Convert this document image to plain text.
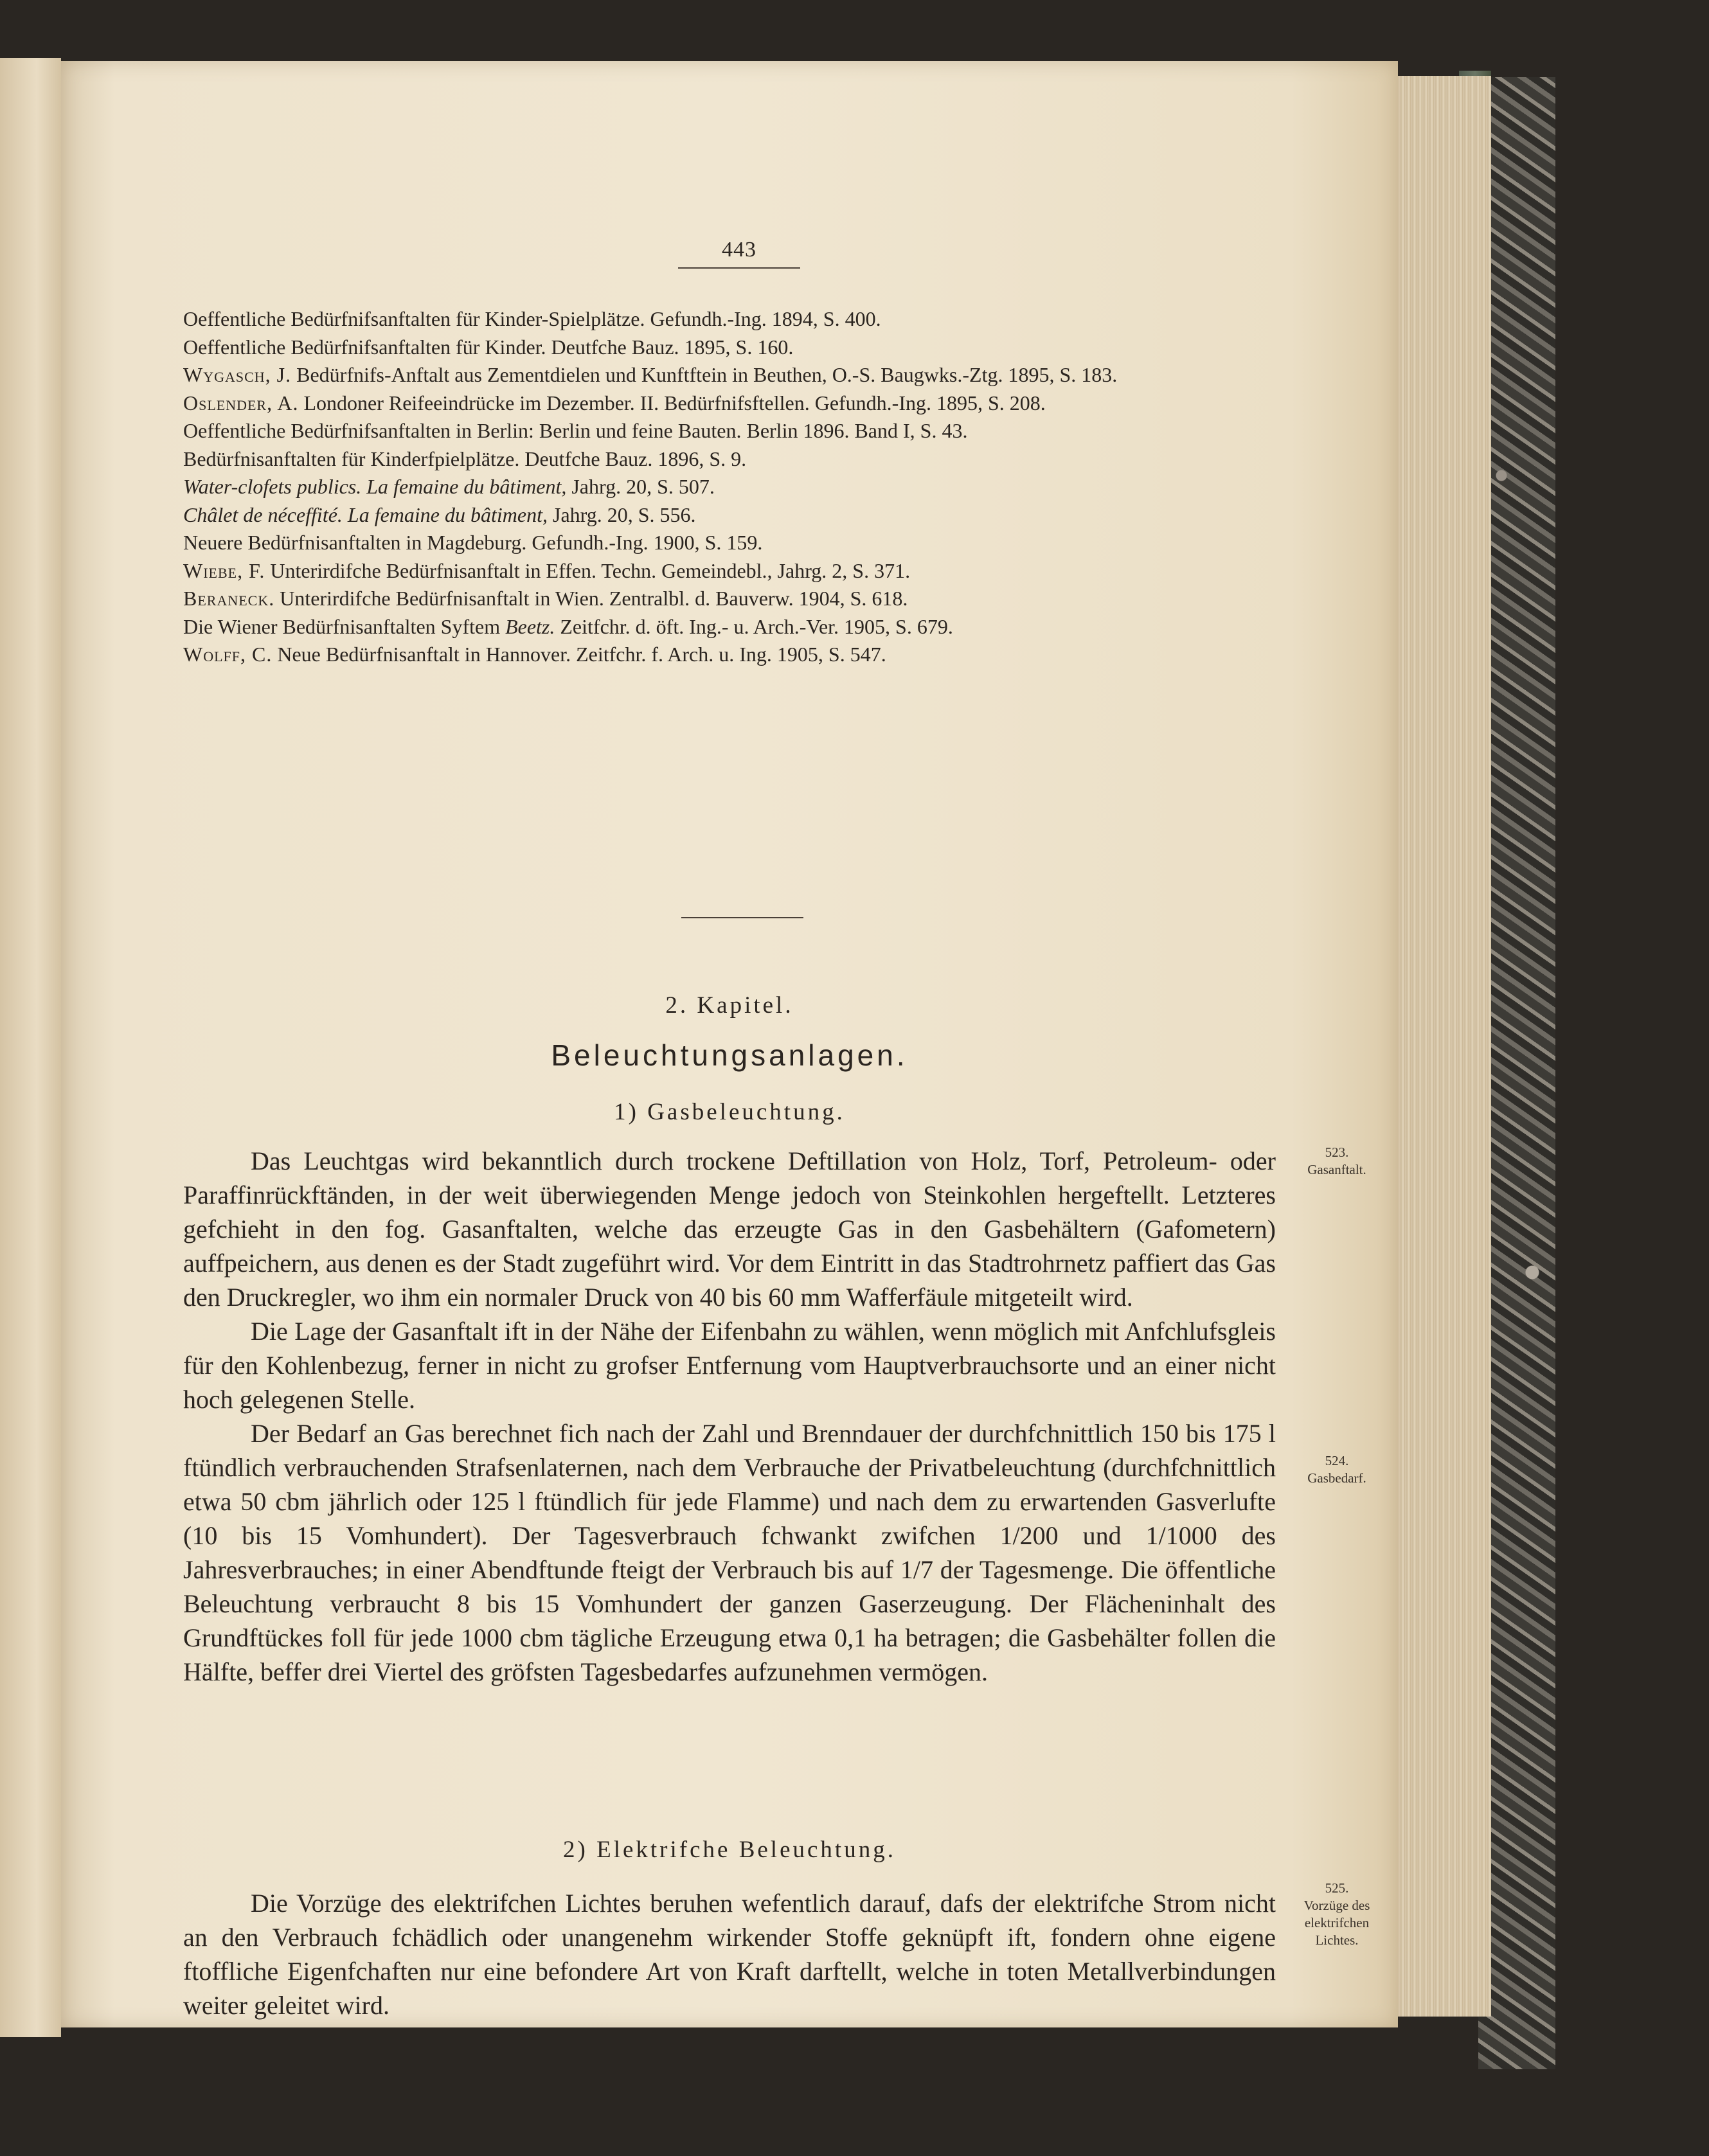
443

Oeffentliche Bedürfnifsanftalten für Kinder-Spielplätze. Gefundh.-Ing. 1894, S. 400.

Oeffentliche Bedürfnifsanftalten für Kinder. Deutfche Bauz. 1895, S. 160.

Wygasch, J. Bedürfnifs-Anftalt aus Zementdielen und Kunftftein in Beuthen, O.-S. Baugwks.-Ztg. 1895, S. 183.

Oslender, A. Londoner Reifeeindrücke im Dezember. II. Bedürfnifsftellen. Gefundh.-Ing. 1895, S. 208.

Oeffentliche Bedürfnifsanftalten in Berlin: Berlin und feine Bauten. Berlin 1896. Band I, S. 43.

Bedürfnisanftalten für Kinderfpielplätze. Deutfche Bauz. 1896, S. 9.

Water-clofets publics. La femaine du bâtiment, Jahrg. 20, S. 507.

Châlet de néceffité. La femaine du bâtiment, Jahrg. 20, S. 556.

Neuere Bedürfnisanftalten in Magdeburg. Gefundh.-Ing. 1900, S. 159.

Wiebe, F. Unterirdifche Bedürfnisanftalt in Effen. Techn. Gemeindebl., Jahrg. 2, S. 371.

Beraneck. Unterirdifche Bedürfnisanftalt in Wien. Zentralbl. d. Bauverw. 1904, S. 618.

Die Wiener Bedürfnisanftalten Syftem Beetz. Zeitfchr. d. öft. Ing.- u. Arch.-Ver. 1905, S. 679.

Wolff, C. Neue Bedürfnisanftalt in Hannover. Zeitfchr. f. Arch. u. Ing. 1905, S. 547.

2. Kapitel.
Beleuchtungsanlagen.
1) Gasbeleuchtung.

Das Leuchtgas wird bekanntlich durch trockene Deftillation von Holz, Torf, Petroleum- oder Paraffinrückftänden, in der weit überwiegenden Menge jedoch von Steinkohlen hergeftellt. Letzteres gefchieht in den fog. Gasanftalten, welche das erzeugte Gas in den Gasbehältern (Gafometern) auffpeichern, aus denen es der Stadt zugeführt wird. Vor dem Eintritt in das Stadtrohrnetz paffiert das Gas den Druckregler, wo ihm ein normaler Druck von 40 bis 60 mm Wafferfäule mitgeteilt wird.

Die Lage der Gasanftalt ift in der Nähe der Eifenbahn zu wählen, wenn möglich mit Anfchlufsgleis für den Kohlenbezug, ferner in nicht zu grofser Entfernung vom Hauptverbrauchsorte und an einer nicht hoch gelegenen Stelle.

Der Bedarf an Gas berechnet fich nach der Zahl und Brenndauer der durchfchnittlich 150 bis 175 l ftündlich verbrauchenden Strafsenlaternen, nach dem Verbrauche der Privatbeleuchtung (durchfchnittlich etwa 50 cbm jährlich oder 125 l ftündlich für jede Flamme) und nach dem zu erwartenden Gasverlufte (10 bis 15 Vomhundert). Der Tagesverbrauch fchwankt zwifchen 1/200 und 1/1000 des Jahresverbrauches; in einer Abendftunde fteigt der Verbrauch bis auf 1/7 der Tagesmenge. Die öffentliche Beleuchtung verbraucht 8 bis 15 Vomhundert der ganzen Gaserzeugung. Der Flächeninhalt des Grundftückes foll für jede 1000 cbm tägliche Erzeugung etwa 0,1 ha betragen; die Gasbehälter follen die Hälfte, beffer drei Viertel des gröfsten Tagesbedarfes aufzunehmen vermögen.

2) Elektrifche Beleuchtung.

Die Vorzüge des elektrifchen Lichtes beruhen wefentlich darauf, dafs der elektrifche Strom nicht an den Verbrauch fchädlich oder unangenehm wirkender Stoffe geknüpft ift, fondern ohne eigene ftoffliche Eigenfchaften nur eine befondere Art von Kraft darftellt, welche in toten Metallverbindungen weiter geleitet wird.

523.
Gasanftalt.
524.
Gasbedarf.
525.
Vorzüge des elektrifchen Lichtes.
